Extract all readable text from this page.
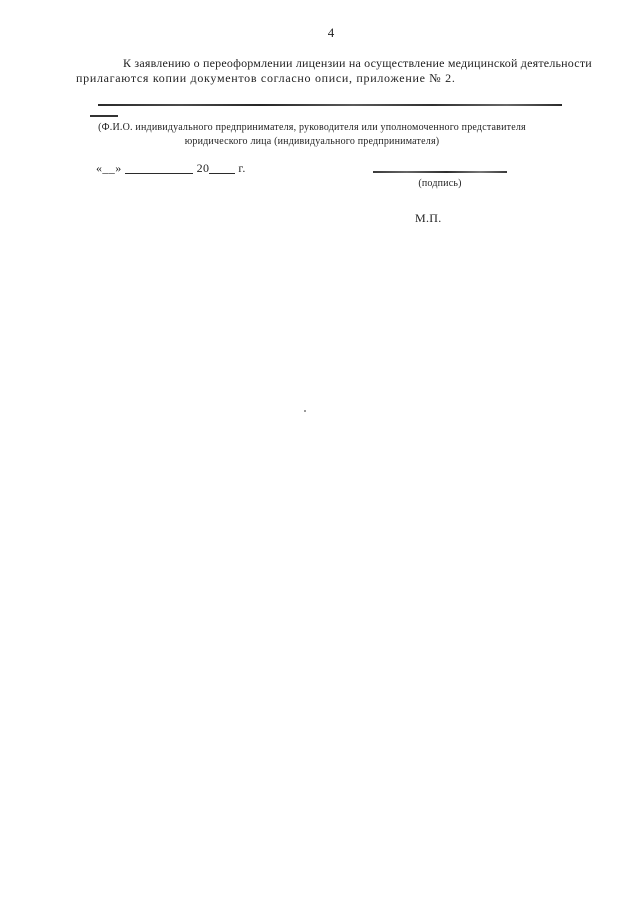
4
К заявлению о переоформлении лицензии на осуществление медицинской деятельности
прилагаются копии документов согласно описи, приложение № 2.
(Ф.И.О. индивидуального предпринимателя, руководителя или уполномоченного представителя
юридического лица (индивидуального предпринимателя)
«__»	20 г.
(подпись)
М.П.
